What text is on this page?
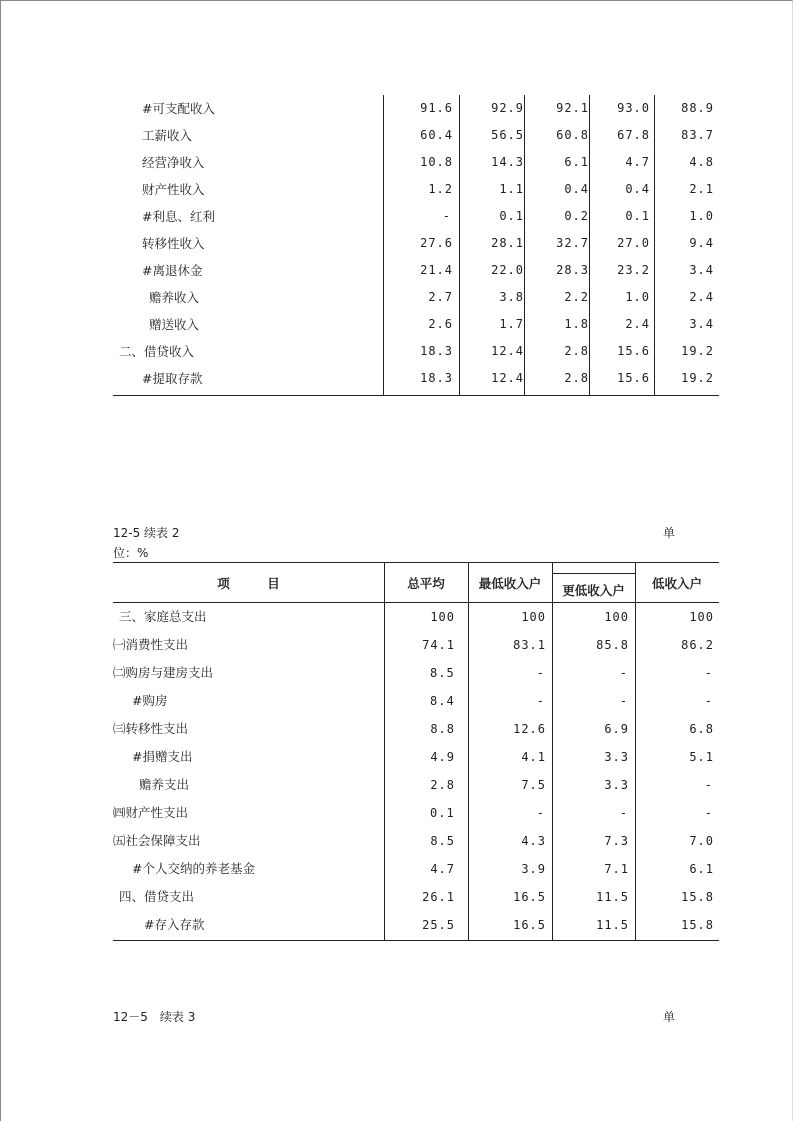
#可支配收入	91.6	92.9	92.1 93.0	88.9
工薪收入	60.4	56.5	60.8 67.8	83.7
经营净收入	10.8	14.3	6.1	4.7	4.8
财产性收入	1.2	1.1	0.4	0.4	2.1
#利息、红利	-	0.1	0.2	0.1	1.0
转移性收入	27.6	28.1	32.7 27.0	9.4
#离退休金	21.4	22.0	28.3 23.2	3.4
赡养收入	2.7	3.8	2.2	1.0	2.4
赠送收入	2.6	1.7	1.8	2.4	3.4
二、借贷收入	18.3	12.4	2.8 15.6	19.2
#提取存款	18.3	12.4	2.8 15.6	19.2
12-5 续表 2	单
位：%
项　　　目	总平均	最低收入户	更低收入户	低收入户
三、家庭总支出	100	100	100	100
㈠消费性支出	74.1	83.1	85.8	86.2
㈡购房与建房支出	8.5	-	-	-
#购房	8.4	-	-	-
㈢转移性支出	8.8	12.6	6.9	6.8
#捐赠支出	4.9	4.1	3.3	5.1
赡养支出	2.8	7.5	3.3	-
㈣财产性支出	0.1	-	-	-
㈤社会保障支出	8.5	4.3	7.3	7.0
#个人交纳的养老基金	4.7	3.9	7.1	6.1
四、借贷支出	26.1	16.5	11.5	15.8
#存入存款	25.5	16.5	11.5	15.8
12－5　续表 3	单
